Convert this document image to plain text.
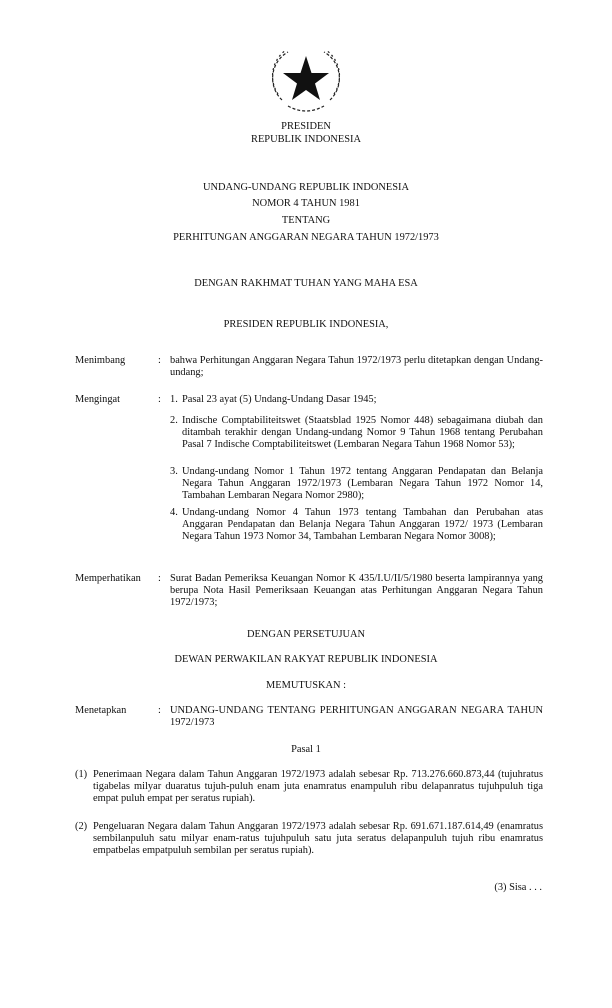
PRESIDEN
REPUBLIK INDONESIA
UNDANG-UNDANG REPUBLIK INDONESIA
NOMOR 4 TAHUN 1981
TENTANG
PERHITUNGAN ANGGARAN NEGARA TAHUN 1972/1973
DENGAN RAKHMAT TUHAN YANG MAHA ESA
PRESIDEN REPUBLIK INDONESIA,
Menimbang	: bahwa Perhitungan Anggaran Negara Tahun 1972/1973 perlu ditetapkan dengan Undang-undang;
Mengingat	: 1. Pasal 23 ayat (5) Undang-Undang Dasar 1945;
2. Indische Comptabiliteitswet (Staatsblad 1925 Nomor 448) sebagaimana diubah dan ditambah terakhir dengan Undang-undang Nomor 9 Tahun 1968 tentang Perubahan Pasal 7 Indische Comptabiliteitswet (Lembaran Negara Tahun 1968 Nomor 53);
3. Undang-undang Nomor 1 Tahun 1972 tentang Anggaran Pendapatan dan Belanja Negara Tahun Anggaran 1972/1973 (Lembaran Negara Tahun 1972 Nomor 14, Tambahan Lembaran Negara Nomor 2980);
4. Undang-undang Nomor 4 Tahun 1973 tentang Tambahan dan Perubahan atas Anggaran Pendapatan dan Belanja Negara Tahun Anggaran 1972/ 1973 (Lembaran Negara Tahun 1973 Nomor 34, Tambahan Lembaran Negara Nomor 3008);
Memperhatikan : Surat Badan Pemeriksa Keuangan Nomor K 435/I.U/II/5/1980 beserta lampirannya yang berupa Nota Hasil Pemeriksaan Keuangan atas Perhitungan Anggaran Negara Tahun 1972/1973;
DENGAN PERSETUJUAN
DEWAN PERWAKILAN RAKYAT REPUBLIK INDONESIA
MEMUTUSKAN :
Menetapkan	: UNDANG-UNDANG TENTANG PERHITUNGAN ANGGARAN NEGARA TAHUN 1972/1973
Pasal 1
(1) Penerimaan Negara dalam Tahun Anggaran 1972/1973 adalah sebesar Rp. 713.276.660.873,44 (tujuhratus tigabelas milyar duaratus tujuh-puluh enam juta enamratus enampuluh ribu delapanratus tujuhpuluh tiga empat puluh empat per seratus rupiah).
(2) Pengeluaran Negara dalam Tahun Anggaran 1972/1973 adalah sebesar Rp. 691.671.187.614,49 (enamratus sembilanpuluh satu milyar enam-ratus tujuhpuluh satu juta seratus delapanpuluh tujuh ribu enamratus empatbelas empatpuluh sembilan per seratus rupiah).
(3) Sisa . . .
